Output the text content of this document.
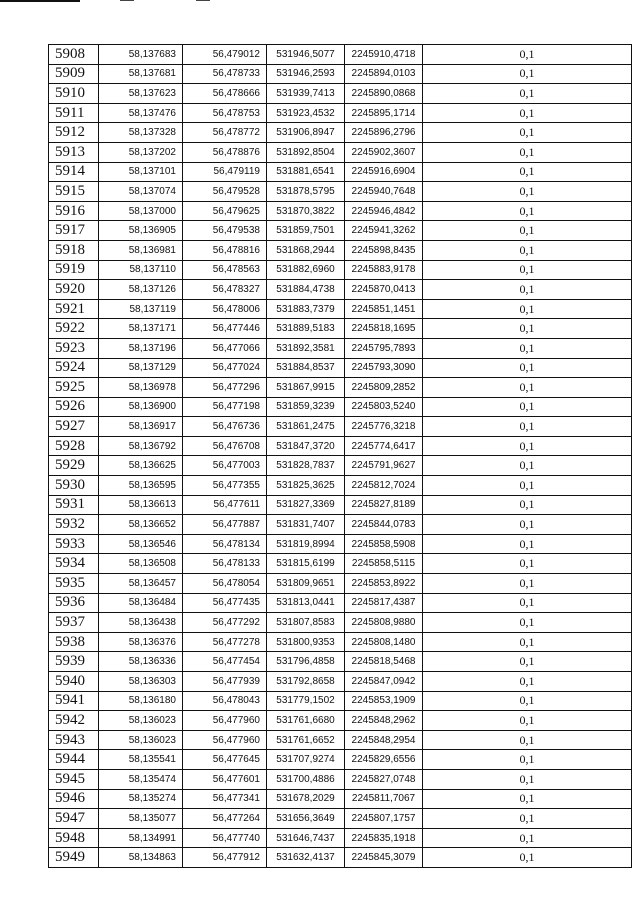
5908	58,137683	56,479012	531946,5077	2245910,4718	0,1
5909	58,137681	56,478733	531946,2593	2245894,0103	0,1
5910	58,137623	56,478666	531939,7413	2245890,0868	0,1
5911	58,137476	56,478753	531923,4532	2245895,1714	0,1
5912	58,137328	56,478772	531906,8947	2245896,2796	0,1
5913	58,137202	56,478876	531892,8504	2245902,3607	0,1
5914	58,137101	56,479119	531881,6541	2245916,6904	0,1
5915	58,137074	56,479528	531878,5795	2245940,7648	0,1
5916	58,137000	56,479625	531870,3822	2245946,4842	0,1
5917	58,136905	56,479538	531859,7501	2245941,3262	0,1
5918	58,136981	56,478816	531868,2944	2245898,8435	0,1
5919	58,137110	56,478563	531882,6960	2245883,9178	0,1
5920	58,137126	56,478327	531884,4738	2245870,0413	0,1
5921	58,137119	56,478006	531883,7379	2245851,1451	0,1
5922	58,137171	56,477446	531889,5183	2245818,1695	0,1
5923	58,137196	56,477066	531892,3581	2245795,7893	0,1
5924	58,137129	56,477024	531884,8537	2245793,3090	0,1
5925	58,136978	56,477296	531867,9915	2245809,2852	0,1
5926	58,136900	56,477198	531859,3239	2245803,5240	0,1
5927	58,136917	56,476736	531861,2475	2245776,3218	0,1
5928	58,136792	56,476708	531847,3720	2245774,6417	0,1
5929	58,136625	56,477003	531828,7837	2245791,9627	0,1
5930	58,136595	56,477355	531825,3625	2245812,7024	0,1
5931	58,136613	56,477611	531827,3369	2245827,8189	0,1
5932	58,136652	56,477887	531831,7407	2245844,0783	0,1
5933	58,136546	56,478134	531819,8994	2245858,5908	0,1
5934	58,136508	56,478133	531815,6199	2245858,5115	0,1
5935	58,136457	56,478054	531809,9651	2245853,8922	0,1
5936	58,136484	56,477435	531813,0441	2245817,4387	0,1
5937	58,136438	56,477292	531807,8583	2245808,9880	0,1
5938	58,136376	56,477278	531800,9353	2245808,1480	0,1
5939	58,136336	56,477454	531796,4858	2245818,5468	0,1
5940	58,136303	56,477939	531792,8658	2245847,0942	0,1
5941	58,136180	56,478043	531779,1502	2245853,1909	0,1
5942	58,136023	56,477960	531761,6680	2245848,2962	0,1
5943	58,136023	56,477960	531761,6652	2245848,2954	0,1
5944	58,135541	56,477645	531707,9274	2245829,6556	0,1
5945	58,135474	56,477601	531700,4886	2245827,0748	0,1
5946	58,135274	56,477341	531678,2029	2245811,7067	0,1
5947	58,135077	56,477264	531656,3649	2245807,1757	0,1
5948	58,134991	56,477740	531646,7437	2245835,1918	0,1
5949	58,134863	56,477912	531632,4137	2245845,3079	0,1
